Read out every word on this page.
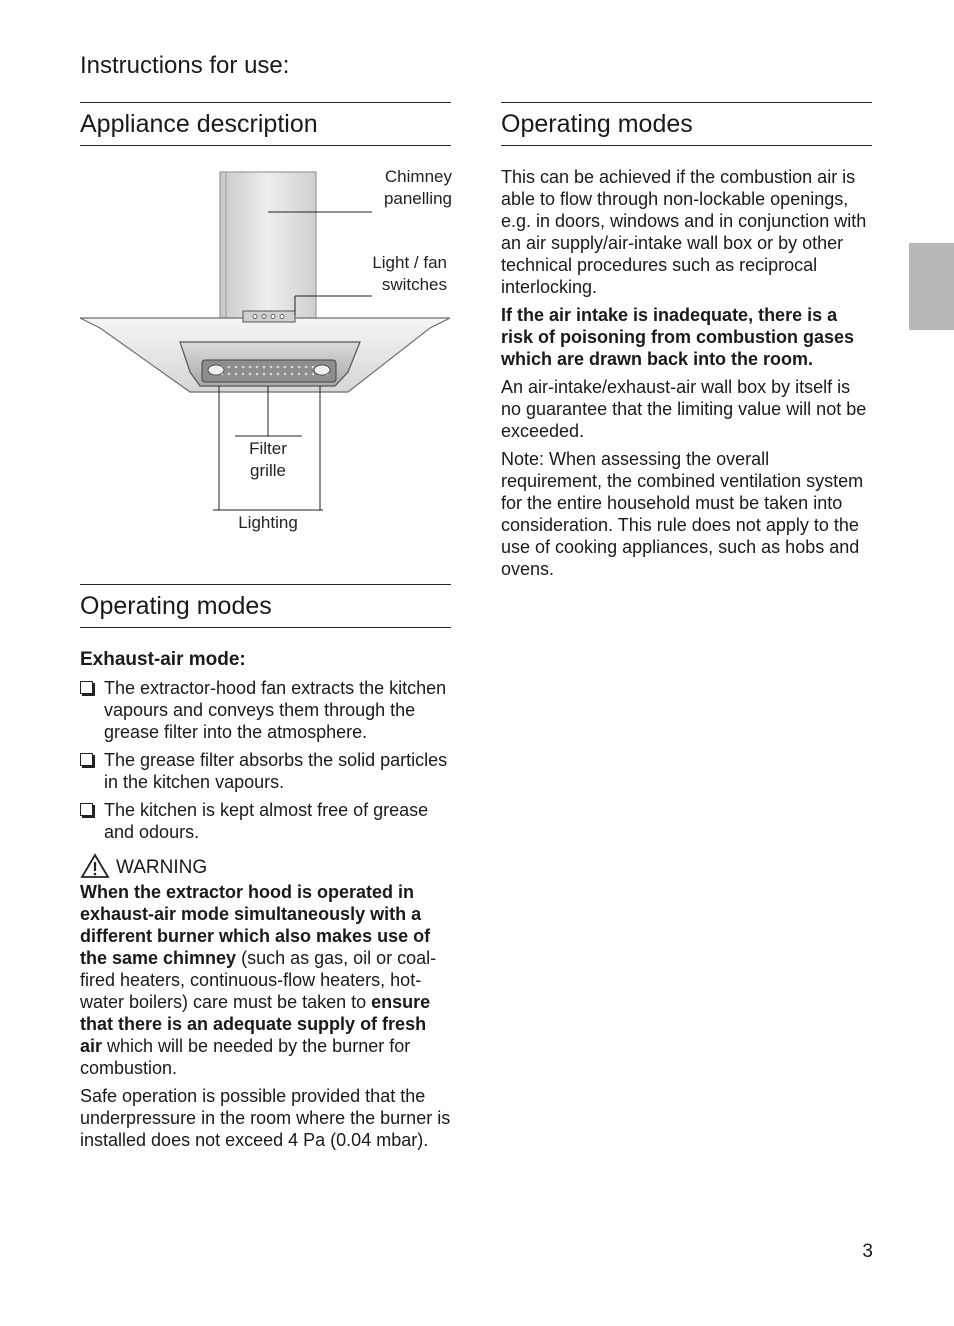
Instructions for use:
Appliance description
Chimney
panelling
Light / fan
switches
Filter
grille
Lighting
Operating modes
Exhaust-air mode:
The extractor-hood fan extracts the kitchen vapours and conveys them through the grease filter into the atmosphere.
The grease filter absorbs the solid particles in the kitchen vapours.
The kitchen is kept almost free of grease and odours.
WARNING

When the extractor hood is operated in exhaust-air mode simultaneously with a different burner which also makes use of the same chimney (such as gas, oil or coal-fired heaters, continuous-flow heaters, hot-water boilers) care must be taken to ensure that there is an adequate supply of fresh air which will be needed by the burner for combustion.

Safe operation is possible provided that the underpressure in the room where the burner is installed does not exceed 4 Pa (0.04 mbar).

Operating modes

This can be achieved if the combustion air is able to flow through non-lockable openings, e.g. in doors, windows and in conjunction with an air supply/air-intake wall box or by other technical procedures such as reciprocal interlocking.

If the air intake is inadequate, there is a risk of poisoning from combustion gases which are drawn back into the room.

An air-intake/exhaust-air wall box by itself is no guarantee that the limiting value will not be exceeded.

Note: When assessing the overall requirement, the combined ventilation system for the entire household must be taken into consideration. This rule does not apply to the use of cooking appliances, such as hobs and ovens.

3
